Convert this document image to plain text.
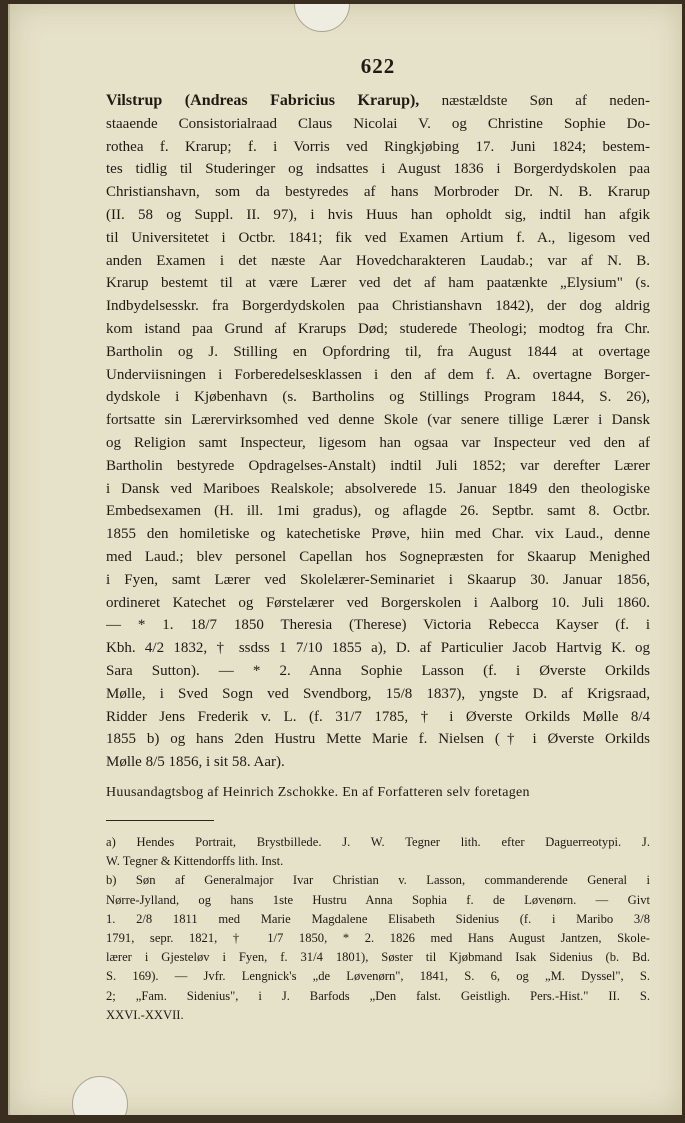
622
Vilstrup (Andreas Fabricius Krarup), næstældste Søn af neden-
staaende Consistorialraad Claus Nicolai V. og Christine Sophie Do-
rothea f. Krarup; f. i Vorris ved Ringkjøbing 17. Juni 1824; bestem-
tes tidlig til Studeringer og indsattes i August 1836 i Borgerdydskolen paa
Christianshavn, som da bestyredes af hans Morbroder Dr. N. B. Krarup
(II. 58 og Suppl. II. 97), i hvis Huus han opholdt sig, indtil han afgik
til Universitetet i Octbr. 1841; fik ved Examen Artium f. A., ligesom ved
anden Examen i det næste Aar Hovedcharakteren Laudab.; var af N. B.
Krarup bestemt til at være Lærer ved det af ham paatænkte „Elysium" (s.
Indbydelsesskr. fra Borgerdydskolen paa Christianshavn 1842), der dog aldrig
kom istand paa Grund af Krarups Død; studerede Theologi; modtog fra Chr.
Bartholin og J. Stilling en Opfordring til, fra August 1844 at overtage
Underviisningen i Forberedelsesklassen i den af dem f. A. overtagne Borger-
dydskole i Kjøbenhavn (s. Bartholins og Stillings Program 1844, S. 26),
fortsatte sin Lærervirksomhed ved denne Skole (var senere tillige Lærer i Dansk
og Religion samt Inspecteur, ligesom han ogsaa var Inspecteur ved den af
Bartholin bestyrede Opdragelses-Anstalt) indtil Juli 1852; var derefter Lærer
i Dansk ved Mariboes Realskole; absolverede 15. Januar 1849 den theologiske
Embedsexamen (H. ill. 1mi gradus), og aflagde 26. Septbr. samt 8. Octbr.
1855 den homiletiske og katechetiske Prøve, hiin med Char. vix Laud., denne
med Laud.; blev personel Capellan hos Sognepræsten for Skaarup Menighed
i Fyen, samt Lærer ved Skolelærer-Seminariet i Skaarup 30. Januar 1856,
ordineret Katechet og Førstelærer ved Borgerskolen i Aalborg 10. Juli 1860.
— * 1. 18/7 1850 Theresia (Therese) Victoria Rebecca Kayser (f. i
Kbh. 4/2 1832, † ssdss 1 7/10 1855 a), D. af Particulier Jacob Hartvig K. og
Sara Sutton). — * 2. Anna Sophie Lasson (f. i Øverste Orkilds
Mølle, i Sved Sogn ved Svendborg, 15/8 1837), yngste D. af Krigsraad,
Ridder Jens Frederik v. L. (f. 31/7 1785, † i Øverste Orkilds Mølle 8/4
1855 b) og hans 2den Hustru Mette Marie f. Nielsen († i Øverste Orkilds
Mølle 8/5 1856, i sit 58. Aar).
Huusandagtsbog af Heinrich Zschokke. En af Forfatteren selv foretagen
a) Hendes Portrait, Brystbillede. J. W. Tegner lith. efter Daguerreotypi. J.
W. Tegner & Kittendorffs lith. Inst.
b) Søn af Generalmajor Ivar Christian v. Lasson, commanderende General i
Nørre-Jylland, og hans 1ste Hustru Anna Sophia f. de Løvenørn. — Givt
1. 2/8 1811 med Marie Magdalene Elisabeth Sidenius (f. i Maribo 3/8
1791, sepr. 1821, † 1/7 1850, * 2. 1826 med Hans August Jantzen, Skole-
lærer i Gjesteløv i Fyen, f. 31/4 1801), Søster til Kjøbmand Isak Sidenius (b. Bd.
S. 169). — Jvfr. Lengnick's „de Løvenørn", 1841, S. 6, og „M. Dyssel", S.
2; „Fam. Sidenius", i J. Barfods „Den falst. Geistligh. Pers.-Hist." II. S.
XXVI.-XXVII.
